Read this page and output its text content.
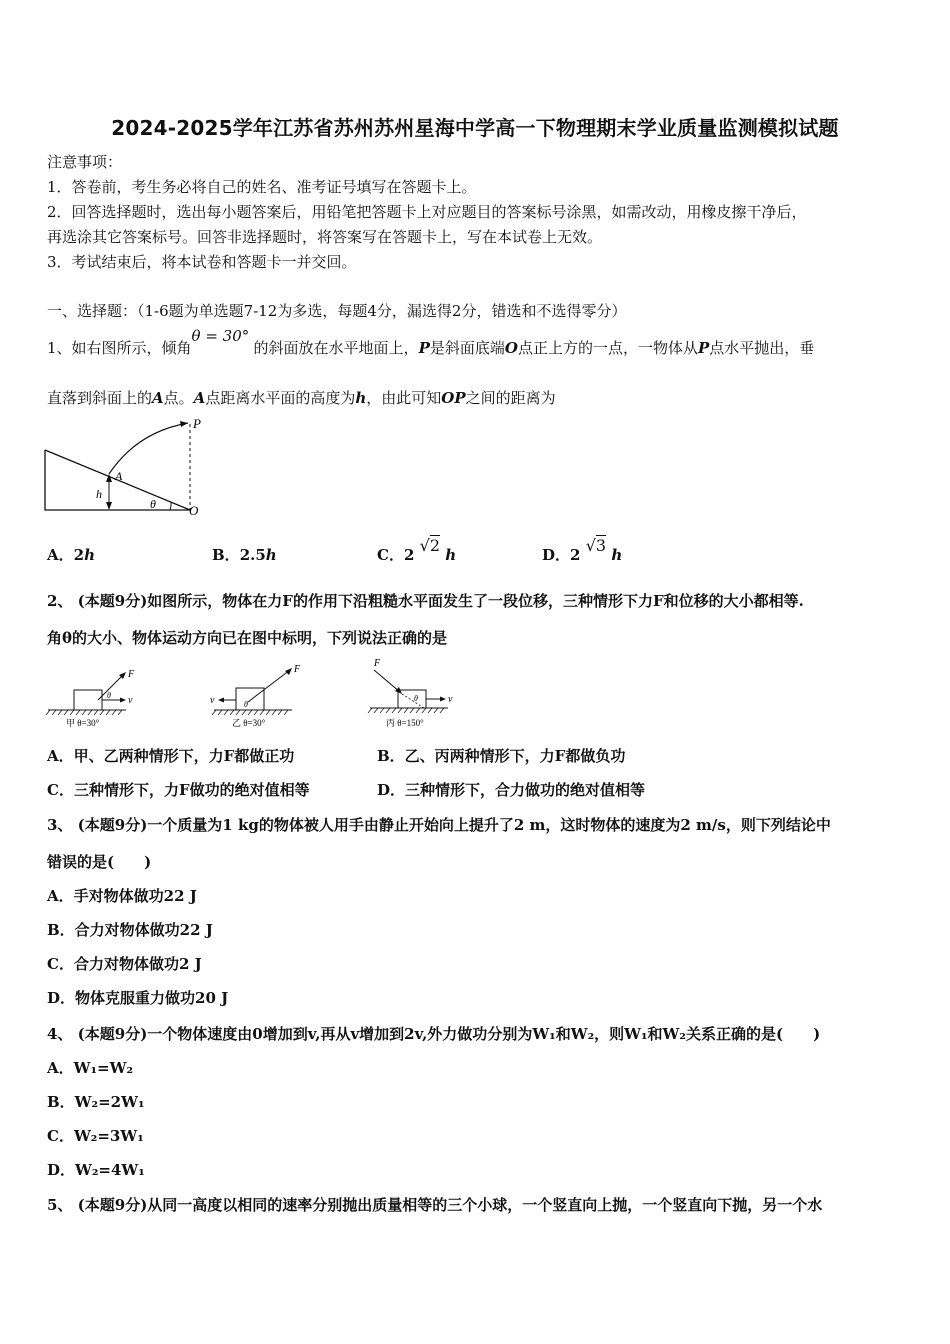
2024-2025学年江苏省苏州苏州星海中学高一下物理期末学业质量监测模拟试题
注意事项：
1．答卷前，考生务必将自己的姓名、准考证号填写在答题卡上。
2．回答选择题时，选出每小题答案后，用铅笔把答题卡上对应题目的答案标号涂黑，如需改动，用橡皮擦干净后，
再选涂其它答案标号。回答非选择题时，将答案写在答题卡上，写在本试卷上无效。
3．考试结束后，将本试卷和答题卡一并交回。
一、选择题：（1-6题为单选题7-12为多选，每题4分，漏选得2分，错选和不选得零分）
1、如右图所示，倾角θ = 30°的斜面放在水平地面上，P是斜面底端O点正上方的一点，一物体从P点水平抛出，垂
直落到斜面上的A点。A点距离水平面的高度为h，由此可知OP之间的距离为
P
A
h
θ	O
A．2h	B．2.5h	C．2 √2 h	D．2 √3 h
2、 (本题9分)如图所示，物体在力F的作用下沿粗糙水平面发生了一段位移，三种情形下力F和位移的大小都相等.
角θ的大小、物体运动方向已在图中标明，下列说法正确的是
F
v
θ
甲 θ=30°
F
v	θ
乙 θ=30°
F
v
θ
丙 θ=150°
A．甲、乙两种情形下，力F都做正功	B．乙、丙两种情形下，力F都做负功
C．三种情形下，力F做功的绝对值相等	D．三种情形下，合力做功的绝对值相等
3、 (本题9分)一个质量为1 kg的物体被人用手由静止开始向上提升了2 m，这时物体的速度为2 m/s，则下列结论中
错误的是(　　)
A．手对物体做功22 J
B．合力对物体做功22 J
C．合力对物体做功2 J
D．物体克服重力做功20 J
4、 (本题9分)一个物体速度由0增加到v,再从v增加到2v,外力做功分别为W₁和W₂，则W₁和W₂关系正确的是(　　)
A．W₁=W₂
B．W₂=2W₁
C．W₂=3W₁
D．W₂=4W₁
5、 (本题9分)从同一高度以相同的速率分别抛出质量相等的三个小球，一个竖直向上抛，一个竖直向下抛，另一个水
